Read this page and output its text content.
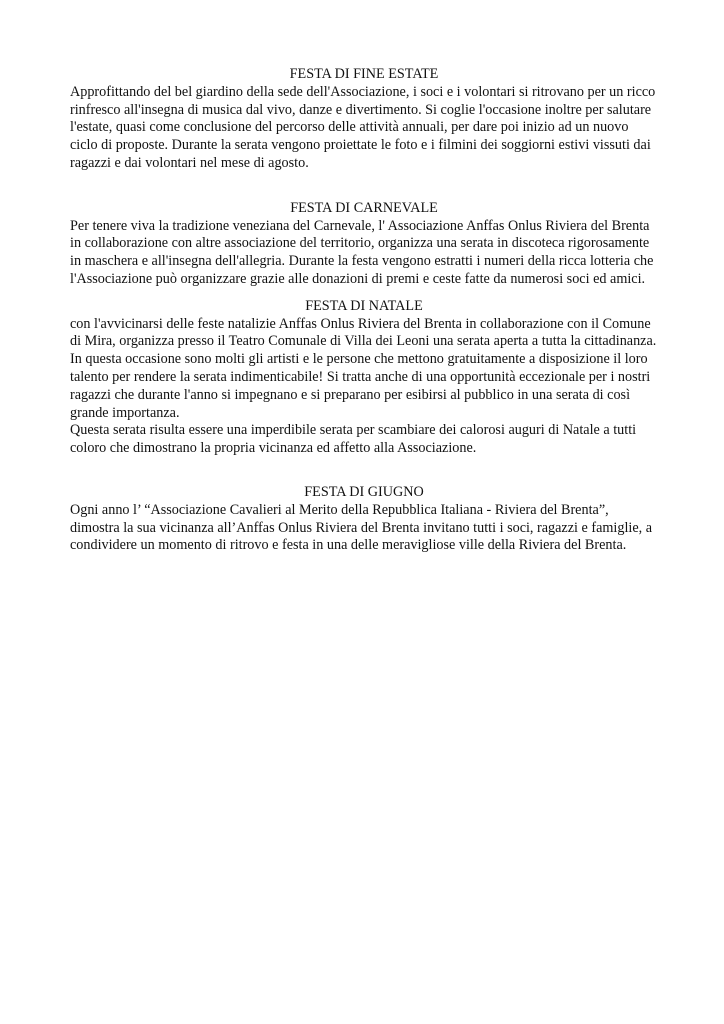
FESTA DI FINE ESTATE

Approfittando del bel giardino della sede dell'Associazione, i soci e i volontari si ritrovano per un ricco rinfresco all'insegna di musica dal vivo, danze e divertimento. Si coglie l'occasione inoltre per salutare l'estate, quasi come conclusione del percorso delle attività annuali, per dare poi inizio ad un nuovo ciclo di proposte. Durante la serata vengono proiettate le foto e i filmini dei soggiorni estivi vissuti dai ragazzi e dai volontari nel mese di agosto.

FESTA DI CARNEVALE

Per tenere viva la tradizione veneziana del Carnevale, l' Associazione Anffas Onlus Riviera del Brenta in collaborazione con altre associazione del territorio, organizza una serata in discoteca rigorosamente in maschera e all'insegna dell'allegria. Durante la festa vengono estratti i numeri della ricca lotteria che l'Associazione può organizzare grazie alle donazioni di premi e ceste fatte da numerosi soci ed amici.

FESTA DI NATALE

con l'avvicinarsi delle feste natalizie Anffas Onlus Riviera del Brenta in collaborazione con il Comune di Mira, organizza presso il Teatro Comunale di Villa dei Leoni una serata aperta a tutta la cittadinanza. In questa occasione sono molti gli artisti e le persone che mettono gratuitamente a disposizione il loro talento per rendere la serata indimenticabile! Si tratta anche di una opportunità eccezionale per i nostri ragazzi che durante l'anno si impegnano e si preparano per esibirsi al pubblico in una serata di così grande importanza.

Questa serata risulta essere una imperdibile serata per scambiare dei calorosi auguri di Natale a tutti coloro che dimostrano la propria vicinanza ed affetto alla Associazione.

FESTA DI GIUGNO

Ogni anno l’ “Associazione Cavalieri al Merito della Repubblica Italiana - Riviera del Brenta”, dimostra la sua vicinanza all’Anffas Onlus Riviera del Brenta invitano tutti i soci, ragazzi e famiglie, a condividere un momento di ritrovo e festa in una delle meravigliose ville della Riviera del Brenta.
